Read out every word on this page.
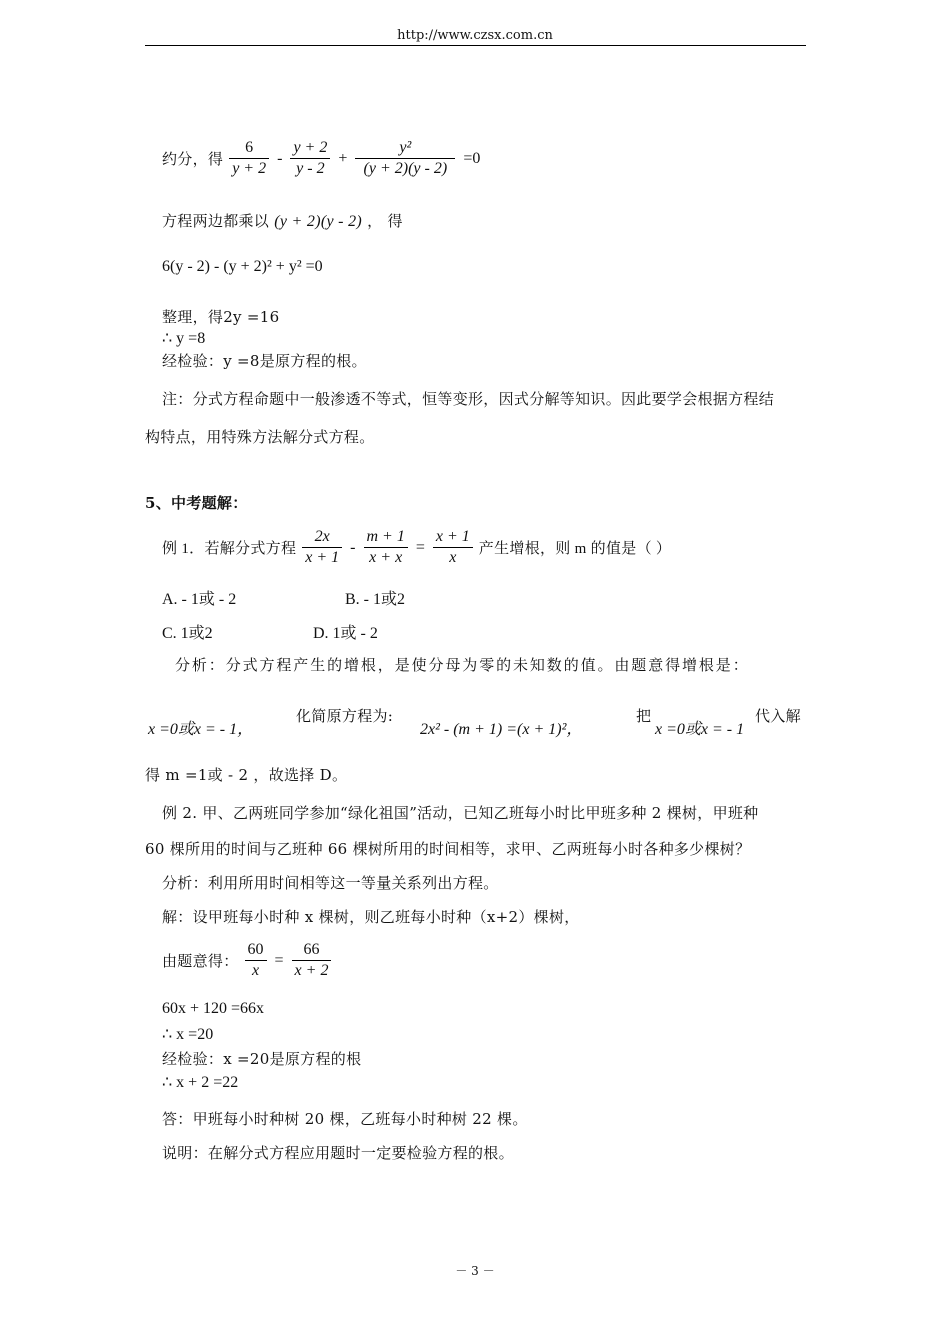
http://www.czsx.com.cn
约分，得 $\frac{6}{y + 2} - \frac{y + 2}{y - 2} + \frac{\text{y²}}{(y + 2)(y - 2)} =0$
方程两边都乘以 (y + 2)(y - 2) ， 得
6(y - 2) - (y + 2)² + y² =0
整理，得2y =16
∴ y =8
经检验：y =8是原方程的根。
注：分式方程命题中一般渗透不等式，恒等变形，因式分解等知识。因此要学会根据方程结
构特点，用特殊方法解分式方程。
5、中考题解：
例 1．若解分式方程 $\frac{2x}{x + 1} - \frac{m + 1}{x + x} = \frac{x + 1}{x}$ 产生增根，则 m 的值是（ ）
A. - 1或 - 2	B. - 1或2
C. 1或2	D. 1或 - 2
分析：分式方程产生的增根，是使分母为零的未知数的值。由题意得增根是：
x =0或x = - 1，
化简原方程为:
2x² - (m + 1) =(x + 1)²，
把
x =0或x = - 1
代入解
得 m =1或 - 2 ，故选择 D。
例 2. 甲、乙两班同学参加“绿化祖国”活动，已知乙班每小时比甲班多种 2 棵树，甲班种
60 棵所用的时间与乙班种 66 棵树所用的时间相等，求甲、乙两班每小时各种多少棵树？
分析：利用所用时间相等这一等量关系列出方程。
解：设甲班每小时种 x 棵树，则乙班每小时种（x+2）棵树，
由题意得： $\frac{60}{x} = \frac{66}{x + 2}$
60x + 120 =66x
∴ x =20
经检验：x =20是原方程的根
∴ x + 2 =22
答：甲班每小时种树 20 棵，乙班每小时种树 22 棵。
说明：在解分式方程应用题时一定要检验方程的根。
－ 3 －
